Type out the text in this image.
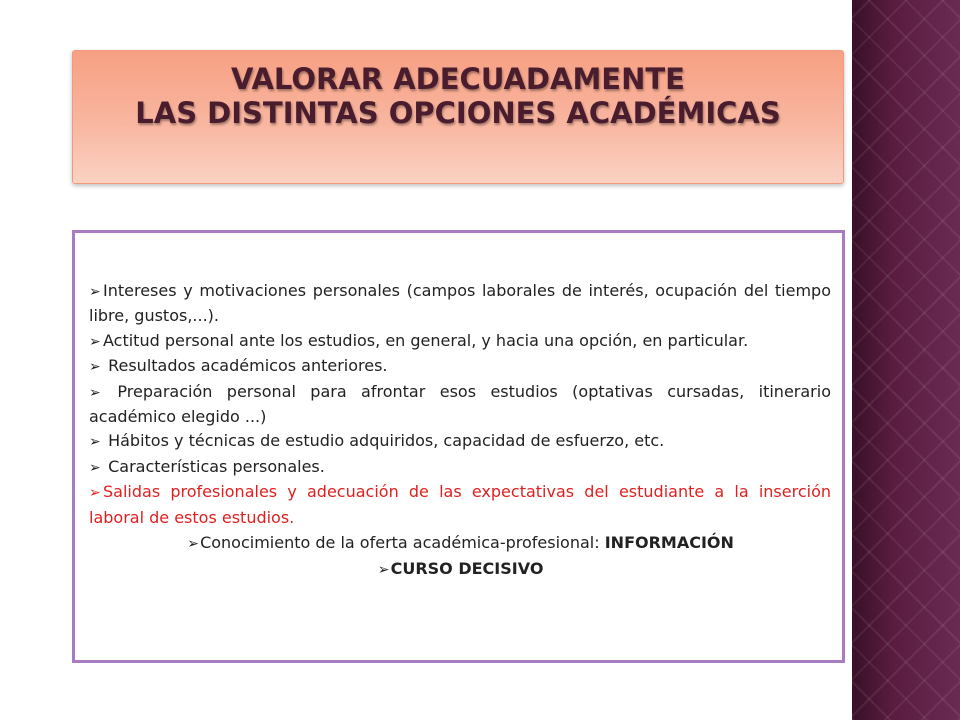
VALORAR ADECUADAMENTE
LAS DISTINTAS OPCIONES ACADÉMICAS
➢ Intereses y motivaciones personales (campos laborales de interés, ocupación del tiempo libre, gustos,...).
➢ Actitud personal ante los estudios, en general, y hacia una opción, en particular.
➢ Resultados académicos anteriores.
➢ Preparación personal para afrontar esos estudios (optativas cursadas, itinerario académico elegido ...)
➢ Hábitos y técnicas de estudio adquiridos, capacidad de esfuerzo, etc.
➢ Características personales.
➢ Salidas profesionales y adecuación de las expectativas del estudiante a la inserción laboral de estos estudios.
➢Conocimiento de la oferta académica-profesional: INFORMACIÓN
➢CURSO DECISIVO
